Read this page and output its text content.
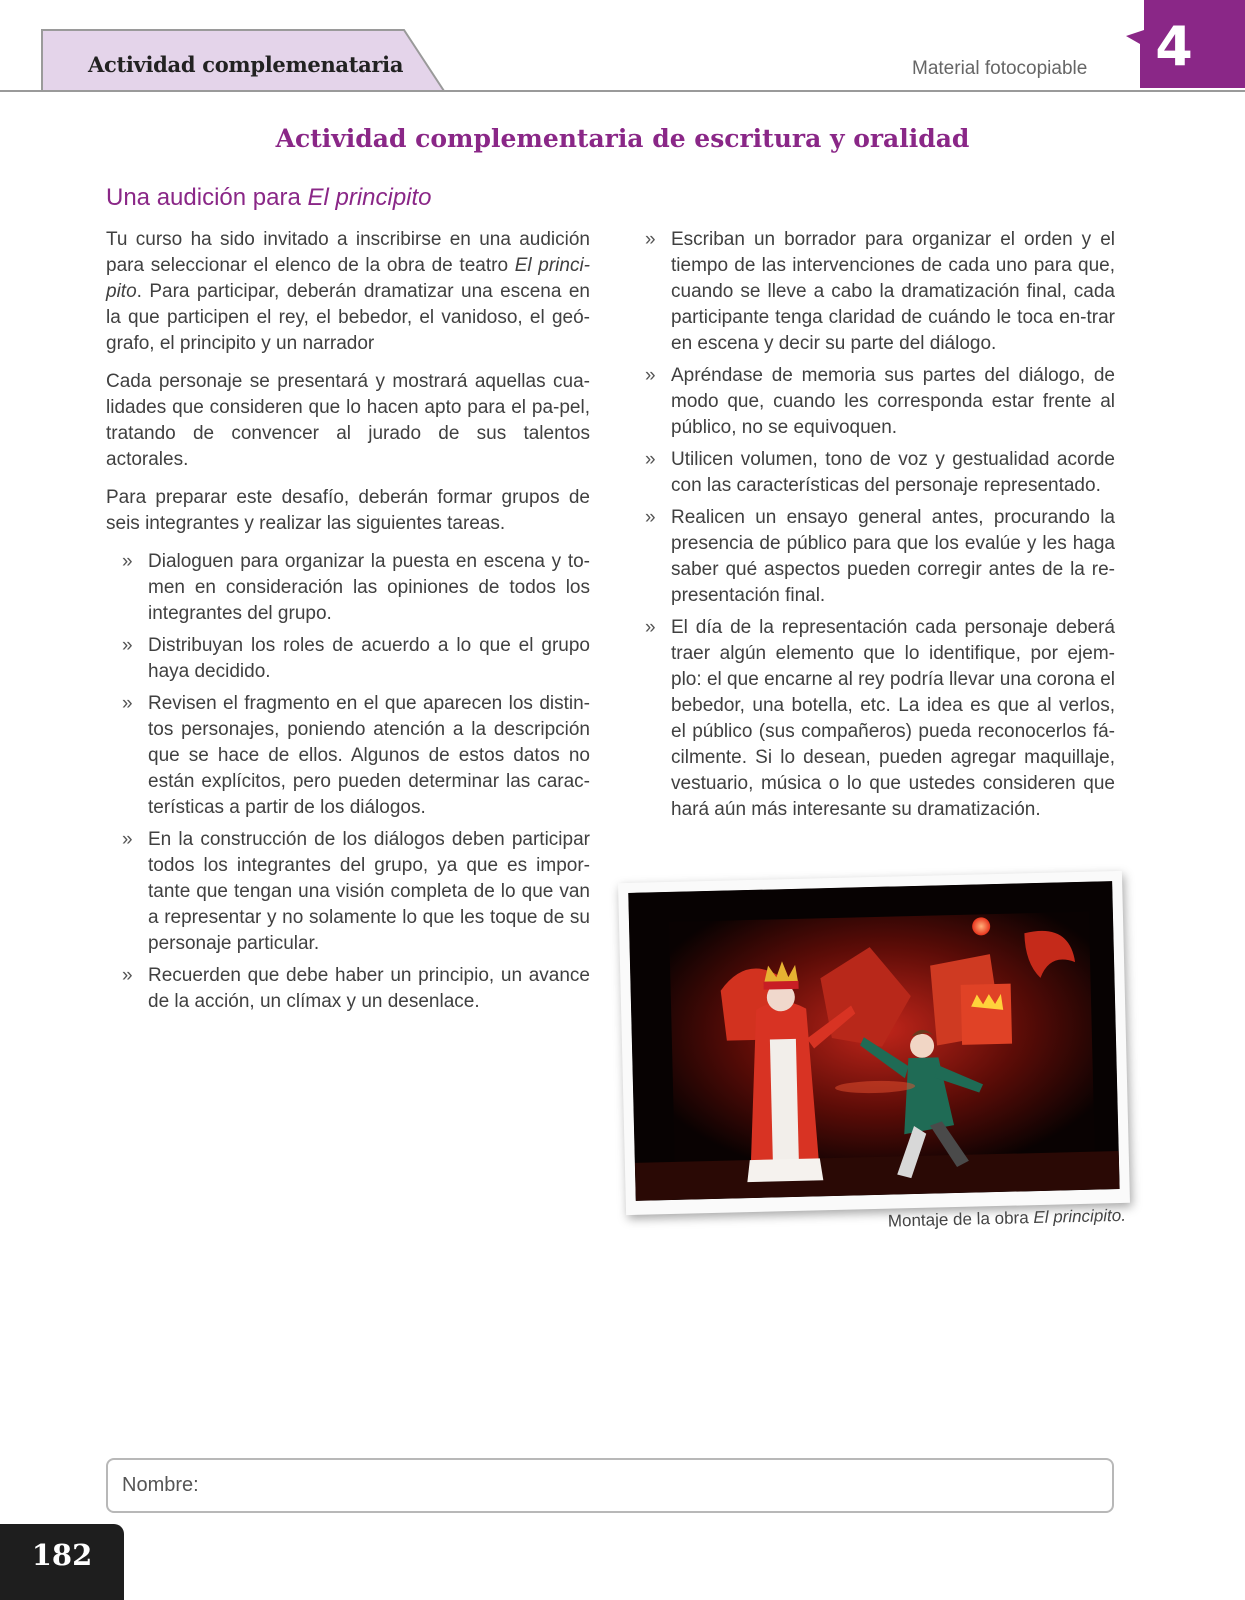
Actividad complemenataria	Material fotocopiable	4
Actividad complementaria de escritura y oralidad
Una audición para El principito

Tu curso ha sido invitado a inscribirse en una audición para seleccionar el elenco de la obra de teatro El princi-pito. Para participar, deberán dramatizar una escena en la que participen el rey, el bebedor, el vanidoso, el geó-grafo, el principito y un narrador

Cada personaje se presentará y mostrará aquellas cua-lidades que consideren que lo hacen apto para el pa-pel, tratando de convencer al jurado de sus talentos actorales.

Para preparar este desafío, deberán formar grupos de seis integrantes y realizar las siguientes tareas.

» Dialoguen para organizar la puesta en escena y to-men en consideración las opiniones de todos los integrantes del grupo.
» Distribuyan los roles de acuerdo a lo que el grupo haya decidido.
» Revisen el fragmento en el que aparecen los distin-tos personajes, poniendo atención a la descripción que se hace de ellos. Algunos de estos datos no están explícitos, pero pueden determinar las carac-terísticas a partir de los diálogos.
» En la construcción de los diálogos deben participar todos los integrantes del grupo, ya que es impor-tante que tengan una visión completa de lo que van a representar y no solamente lo que les toque de su personaje particular.
» Recuerden que debe haber un principio, un avance de la acción, un clímax y un desenlace.
» Escriban un borrador para organizar el orden y el tiempo de las intervenciones de cada uno para que, cuando se lleve a cabo la dramatización final, cada participante tenga claridad de cuándo le toca en-trar en escena y decir su parte del diálogo.
» Apréndase de memoria sus partes del diálogo, de modo que, cuando les corresponda estar frente al público, no se equivoquen.
» Utilicen volumen, tono de voz y gestualidad acorde con las características del personaje representado.
» Realicen un ensayo general antes, procurando la presencia de público para que los evalúe y les haga saber qué aspectos pueden corregir antes de la re-presentación final.
» El día de la representación cada personaje deberá traer algún elemento que lo identifique, por ejem-plo: el que encarne al rey podría llevar una corona el bebedor, una botella, etc. La idea es que al verlos, el público (sus compañeros) pueda reconocerlos fá-cilmente. Si lo desean, pueden agregar maquillaje, vestuario, música o lo que ustedes consideren que hará aún más interesante su dramatización.
Montaje de la obra El principito.
Nombre:
182
